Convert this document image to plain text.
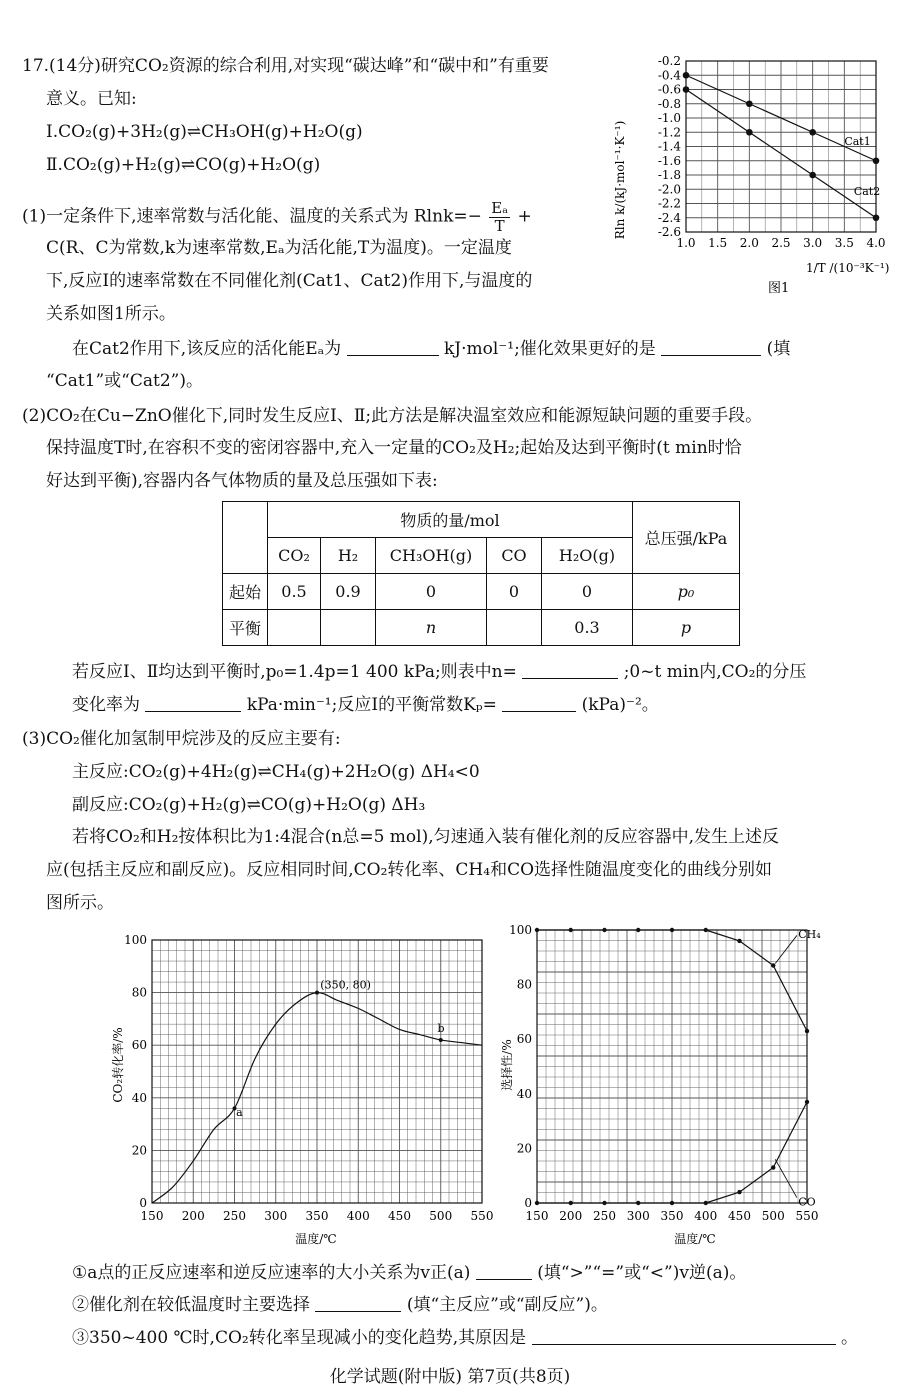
17.(14分)研究CO₂资源的综合利用,对实现“碳达峰”和“碳中和”有重要
意义。已知:
Ⅰ.CO₂(g)+3H₂(g)⇌CH₃OH(g)+H₂O(g)
Ⅱ.CO₂(g)+H₂(g)⇌CO(g)+H₂O(g)
(1)一定条件下,速率常数与活化能、温度的关系式为 $Rlnk=- \frac{\text{Eₐ}}{T}$ +
C(R、C为常数,k为速率常数,Eₐ为活化能,T为温度)。一定温度
下,反应Ⅰ的速率常数在不同催化剂(Cat1、Cat2)作用下,与温度的
关系如图1所示。
在Cat2作用下,该反应的活化能Eₐ为	kJ·mol⁻¹;催化效果更好的是	(填
“Cat1”或“Cat2”)。
(2)CO₂在Cu−ZnO催化下,同时发生反应Ⅰ、Ⅱ;此方法是解决温室效应和能源短缺问题的重要手段。
保持温度T时,在容积不变的密闭容器中,充入一定量的CO₂及H₂;起始及达到平衡时(t min时恰
好达到平衡),容器内各气体物质的量及总压强如下表:
	物质的量/mol					总压强/kPa
	CO₂	H₂	CH₃OH(g)	CO	H₂O(g)	
起始	0.5	0.9	0	0	0	p₀
平衡			n		0.3	p
若反应Ⅰ、Ⅱ均达到平衡时,p₀=1.4p=1 400 kPa;则表中n=	;0~t min内,CO₂的分压
变化率为	kPa·min⁻¹;反应Ⅰ的平衡常数Kₚ=	(kPa)⁻²。
(3)CO₂催化加氢制甲烷涉及的反应主要有:
主反应:CO₂(g)+4H₂(g)⇌CH₄(g)+2H₂O(g) ΔH₄<0
副反应:CO₂(g)+H₂(g)⇌CO(g)+H₂O(g) ΔH₃
若将CO₂和H₂按体积比为1:4混合(n总=5 mol),匀速通入装有催化剂的反应容器中,发生上述反
应(包括主反应和副反应)。反应相同时间,CO₂转化率、CH₄和CO选择性随温度变化的曲线分别如
图所示。
Cat1
Cat2
1.0 1.5 2.0 2.5 3.0 3.5 4.0
-0.2
-0.4
-0.6
-0.8
-1.0
-1.2
-1.4
-1.6
-1.8
-2.0
-2.2
-2.4
-2.6
Rln k/(kJ·mol⁻¹·K⁻¹)
1/T /(10⁻³K⁻¹)
图1
a
(350, 80)
b
150 200 250 300 350 400 450 500 550
0
20
40
60
80
100
CO₂转化率/%
温度/℃
CH₄
CO
150 200 250 300 350 400 450 500 550
0
20
40
60
80
100
选择性/%
温度/℃
①a点的正反应速率和逆反应速率的大小关系为v正(a)	(填“>”“=”或“<”)v逆(a)。
②催化剂在较低温度时主要选择	(填“主反应”或“副反应”)。
③350~400 ℃时,CO₂转化率呈现减小的变化趋势,其原因是	。
化学试题(附中版) 第7页(共8页)
